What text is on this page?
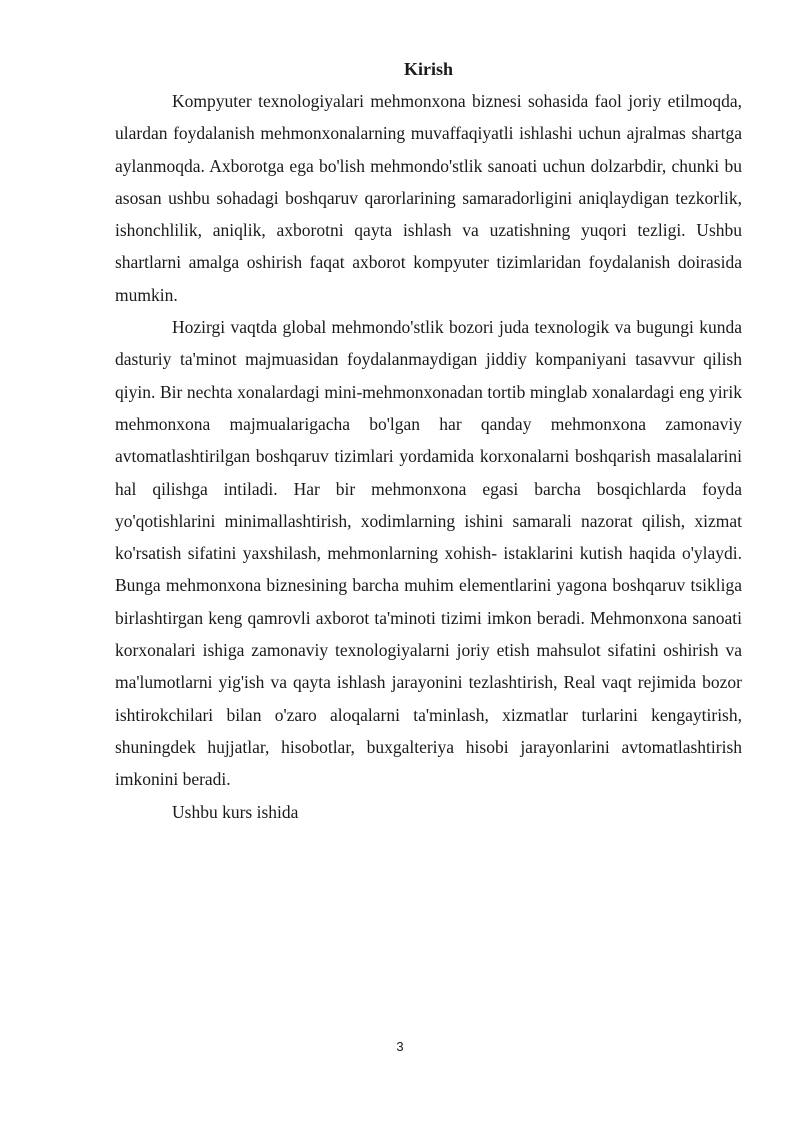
Kirish

Kompyuter texnologiyalari mehmonxona biznesi sohasida faol joriy etilmoqda, ulardan foydalanish mehmonxonalarning muvaffaqiyatli ishlashi uchun ajralmas shartga aylanmoqda. Axborotga ega bo'lish mehmondo'stlik sanoati uchun dolzarbdir, chunki bu asosan ushbu sohadagi boshqaruv qarorlarining samaradorligini aniqlaydigan tezkorlik, ishonchlilik, aniqlik, axborotni qayta ishlash va uzatishning yuqori tezligi. Ushbu shartlarni amalga oshirish faqat axborot kompyuter tizimlaridan foydalanish doirasida mumkin.

Hozirgi vaqtda global mehmondo'stlik bozori juda texnologik va bugungi kunda dasturiy ta'minot majmuasidan foydalanmaydigan jiddiy kompaniyani tasavvur qilish qiyin. Bir nechta xonalardagi mini-mehmonxonadan tortib minglab xonalardagi eng yirik mehmonxona majmualarigacha bo'lgan har qanday mehmonxona zamonaviy avtomatlashtirilgan boshqaruv tizimlari yordamida korxonalarni boshqarish masalalarini hal qilishga intiladi. Har bir mehmonxona egasi barcha bosqichlarda foyda yo'qotishlarini minimallashtirish, xodimlarning ishini samarali nazorat qilish, xizmat ko'rsatish sifatini yaxshilash, mehmonlarning xohish- istaklarini kutish haqida o'ylaydi. Bunga mehmonxona biznesining barcha muhim elementlarini yagona boshqaruv tsikliga birlashtirgan keng qamrovli axborot ta'minoti tizimi imkon beradi. Mehmonxona sanoati korxonalari ishiga zamonaviy texnologiyalarni joriy etish mahsulot sifatini oshirish va ma'lumotlarni yig'ish va qayta ishlash jarayonini tezlashtirish, Real vaqt rejimida bozor ishtirokchilari bilan o'zaro aloqalarni ta'minlash, xizmatlar turlarini kengaytirish, shuningdek hujjatlar, hisobotlar, buxgalteriya hisobi jarayonlarini avtomatlashtirish imkonini beradi.

Ushbu kurs ishida

3
